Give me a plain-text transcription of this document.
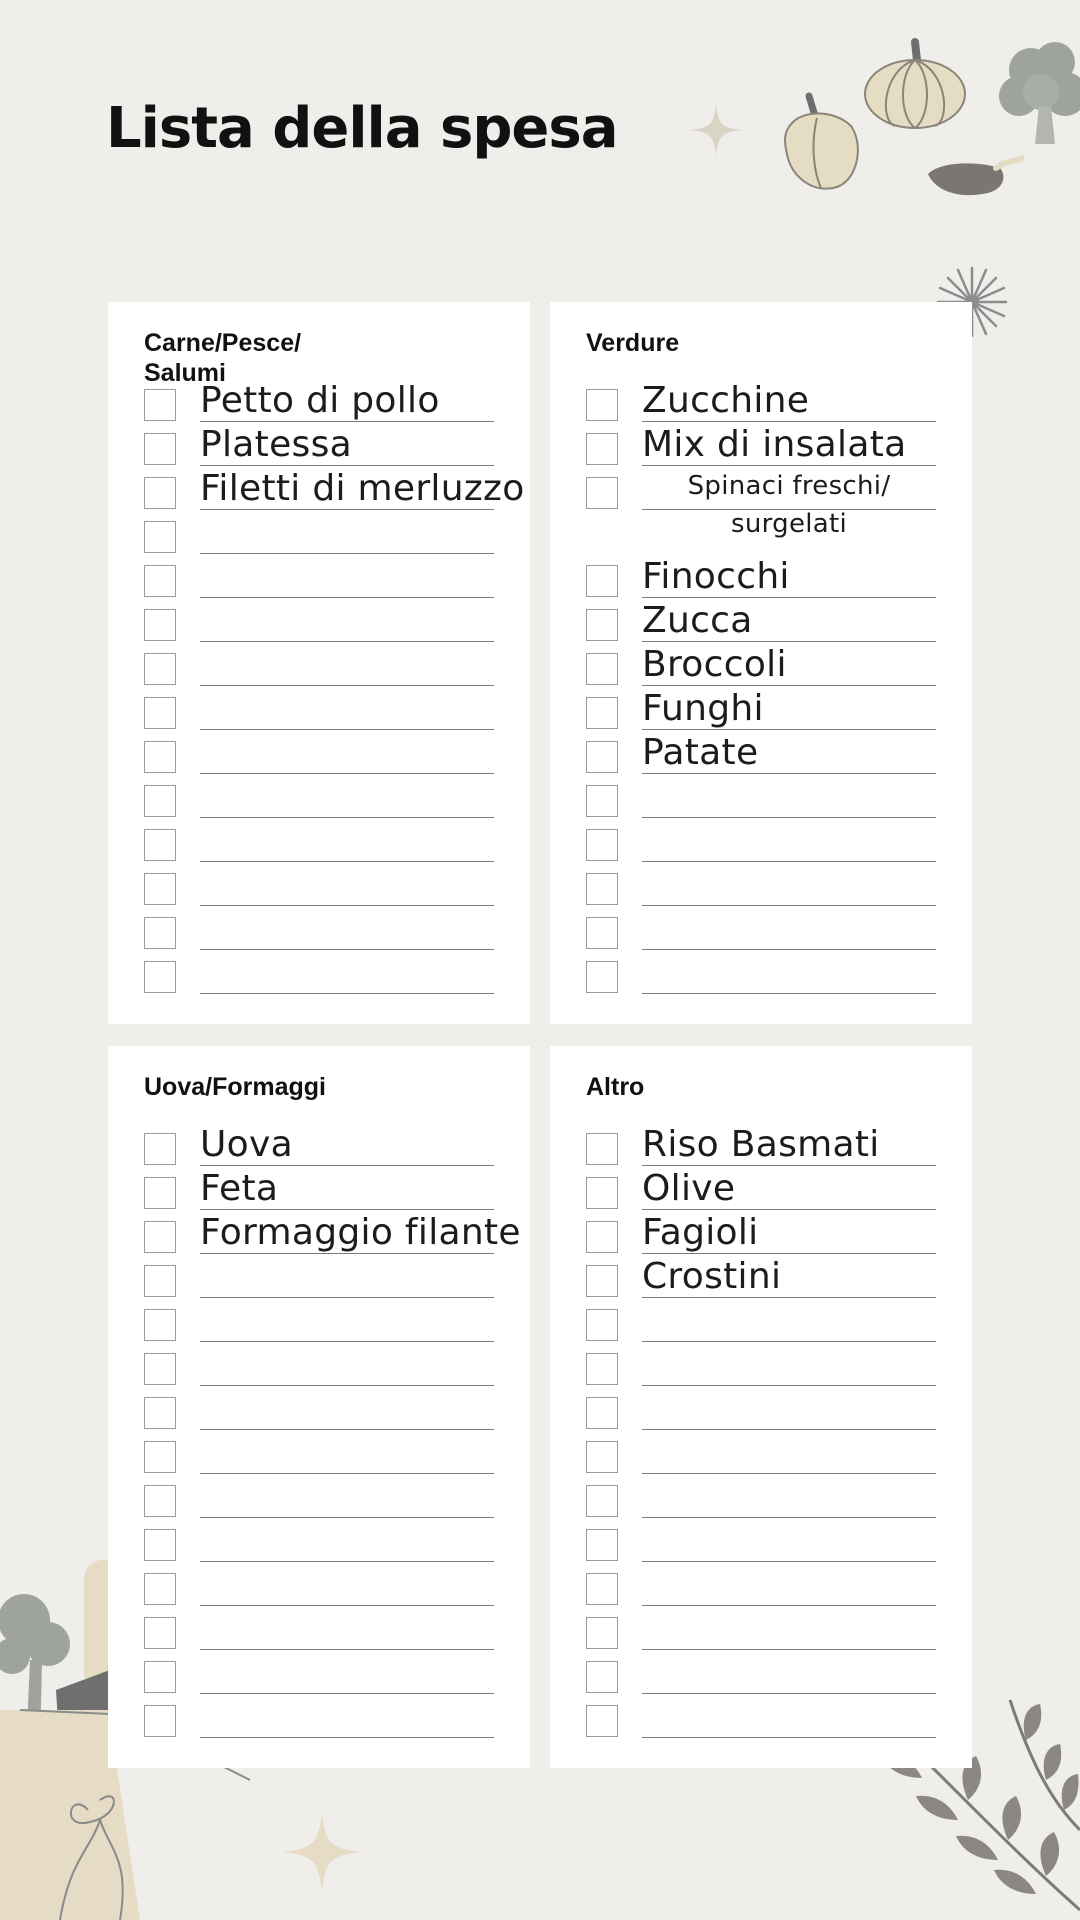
Lista della spesa
Carne/Pesce/ Salumi
Petto di pollo
Platessa
Filetti di merluzzo
Verdure
Zucchine
Mix di insalata
Spinaci freschi/ surgelati
Finocchi
Zucca
Broccoli
Funghi
Patate
Uova/Formaggi
Uova
Feta
Formaggio filante
Altro
Riso Basmati
Olive
Fagioli
Crostini
